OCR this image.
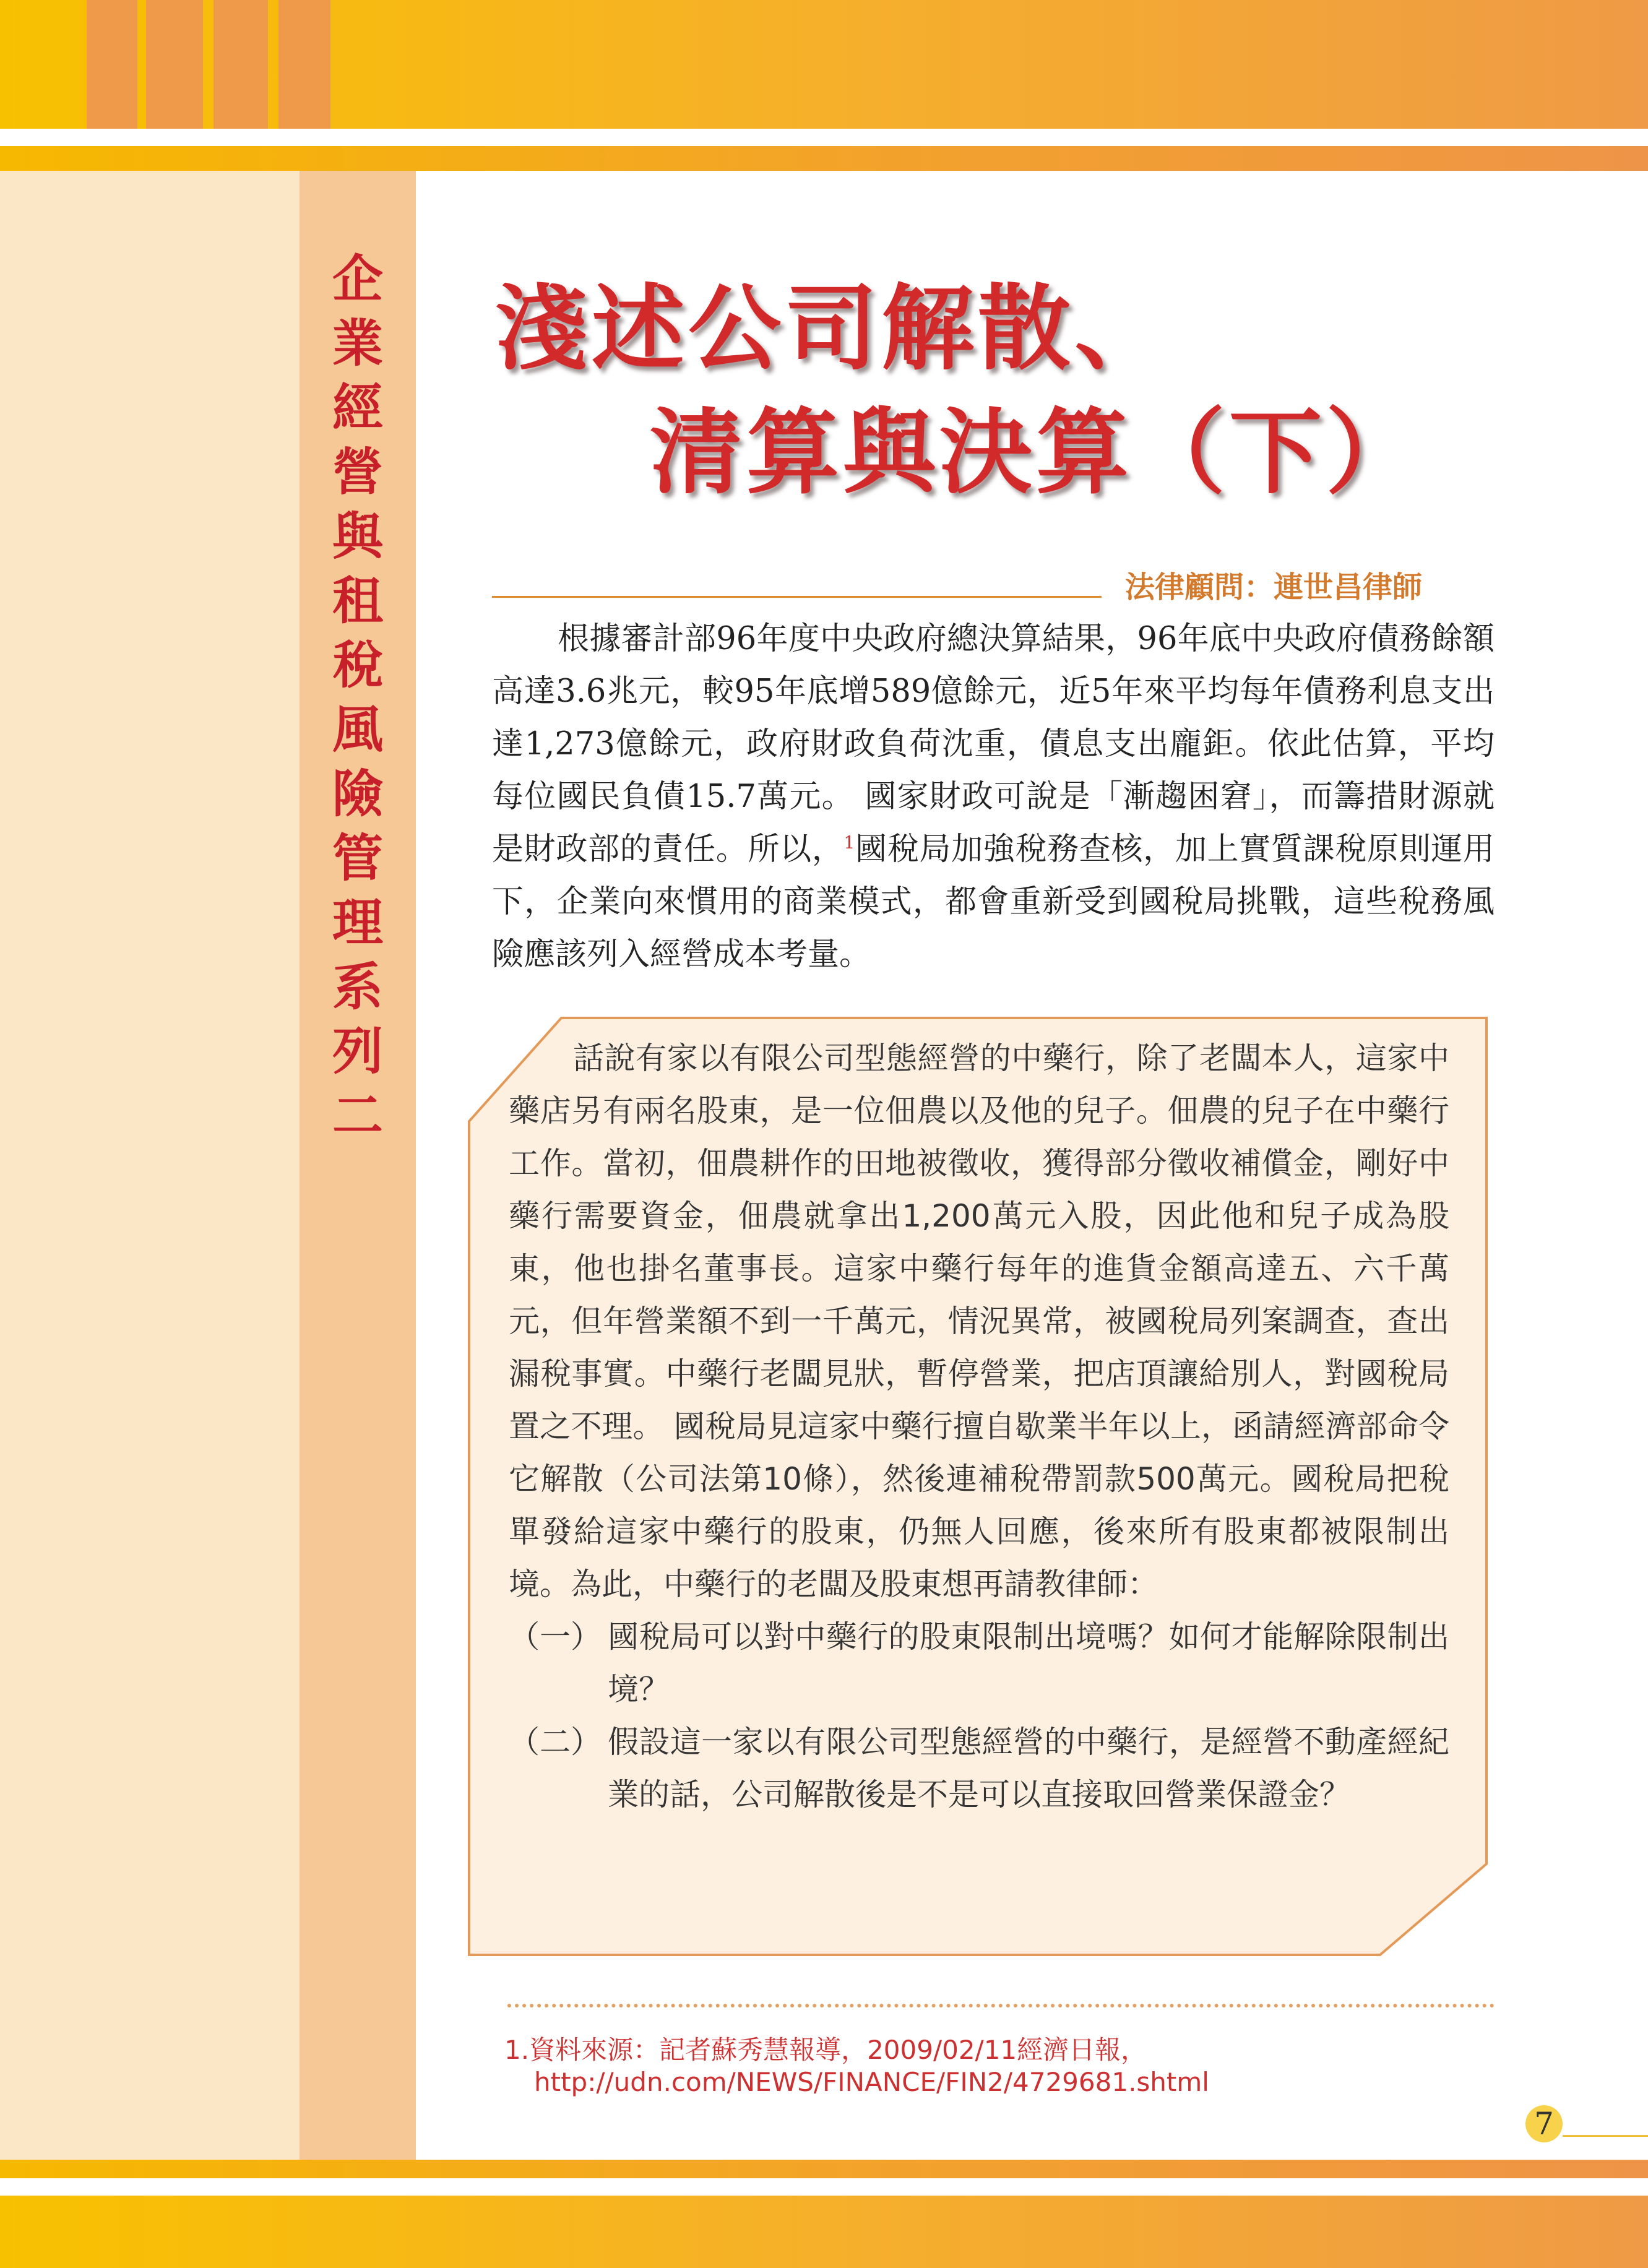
企
業
經
營
與
租
稅
風
險
管
理
系
列
二
淺述公司解散、
清算與決算（下）
法律顧問：連世昌律師

根據審計部96年度中央政府總決算結果，96年底中央政府債務餘額高達3.6兆元，較95年底增589億餘元，近5年來平均每年債務利息支出達1,273億餘元，政府財政負荷沈重，債息支出龐鉅。依此估算，平均每位國民負債15.7萬元。 國家財政可說是「漸趨困窘」，而籌措財源就是財政部的責任。所以，$^1$國稅局加強稅務查核，加上實質課稅原則運用下，企業向來慣用的商業模式，都會重新受到國稅局挑戰，這些稅務風險應該列入經營成本考量。

話說有家以有限公司型態經營的中藥行，除了老闆本人，這家中藥店另有兩名股東，是一位佃農以及他的兒子。佃農的兒子在中藥行工作。當初，佃農耕作的田地被徵收，獲得部分徵收補償金，剛好中藥行需要資金，佃農就拿出1,200萬元入股，因此他和兒子成為股東，他也掛名董事長。這家中藥行每年的進貨金額高達五、六千萬元，但年營業額不到一千萬元，情況異常，被國稅局列案調查，查出漏稅事實。中藥行老闆見狀，暫停營業，把店頂讓給別人，對國稅局置之不理。 國稅局見這家中藥行擅自歇業半年以上，函請經濟部命令它解散（公司法第10條），然後連補稅帶罰款500萬元。國稅局把稅單發給這家中藥行的股東，仍無人回應，後來所有股東都被限制出境。為此，中藥行的老闆及股東想再請教律師：

（一） 國稅局可以對中藥行的股東限制出境嗎？如何才能解除限制出境？
（二） 假設這一家以有限公司型態經營的中藥行，是經營不動產經紀業的話，公司解散後是不是可以直接取回營業保證金？
1.資料來源：記者蘇秀慧報導，2009/02/11經濟日報，
http://udn.com/NEWS/FINANCE/FIN2/4729681.shtml
7
